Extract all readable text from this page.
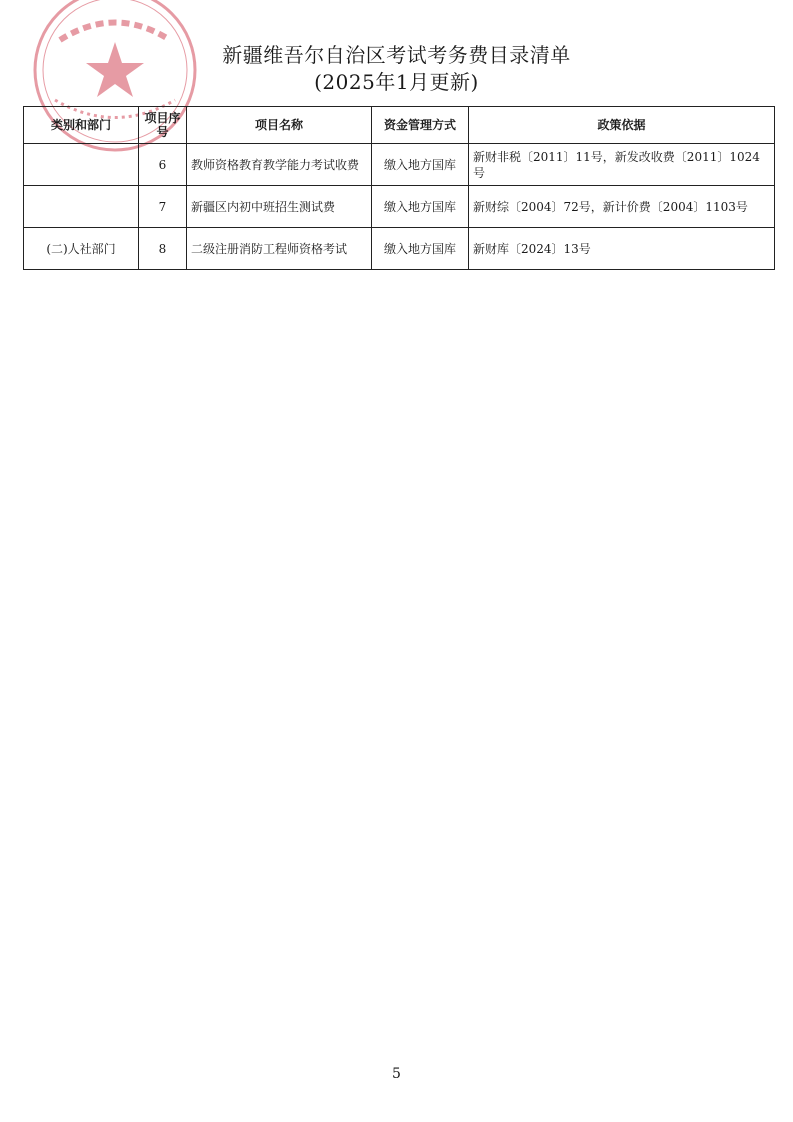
新疆维吾尔自治区考试考务费目录清单
(2025年1月更新)
类别和部门	项目序号	项目名称	资金管理方式	政策依据
	6	教师资格教育教学能力考试收费	缴入地方国库	新财非税〔2011〕11号，新发改收费〔2011〕1024号
	7	新疆区内初中班招生测试费	缴入地方国库	新财综〔2004〕72号，新计价费〔2004〕1103号
(二)人社部门	8	二级注册消防工程师资格考试	缴入地方国库	新财库〔2024〕13号
5
